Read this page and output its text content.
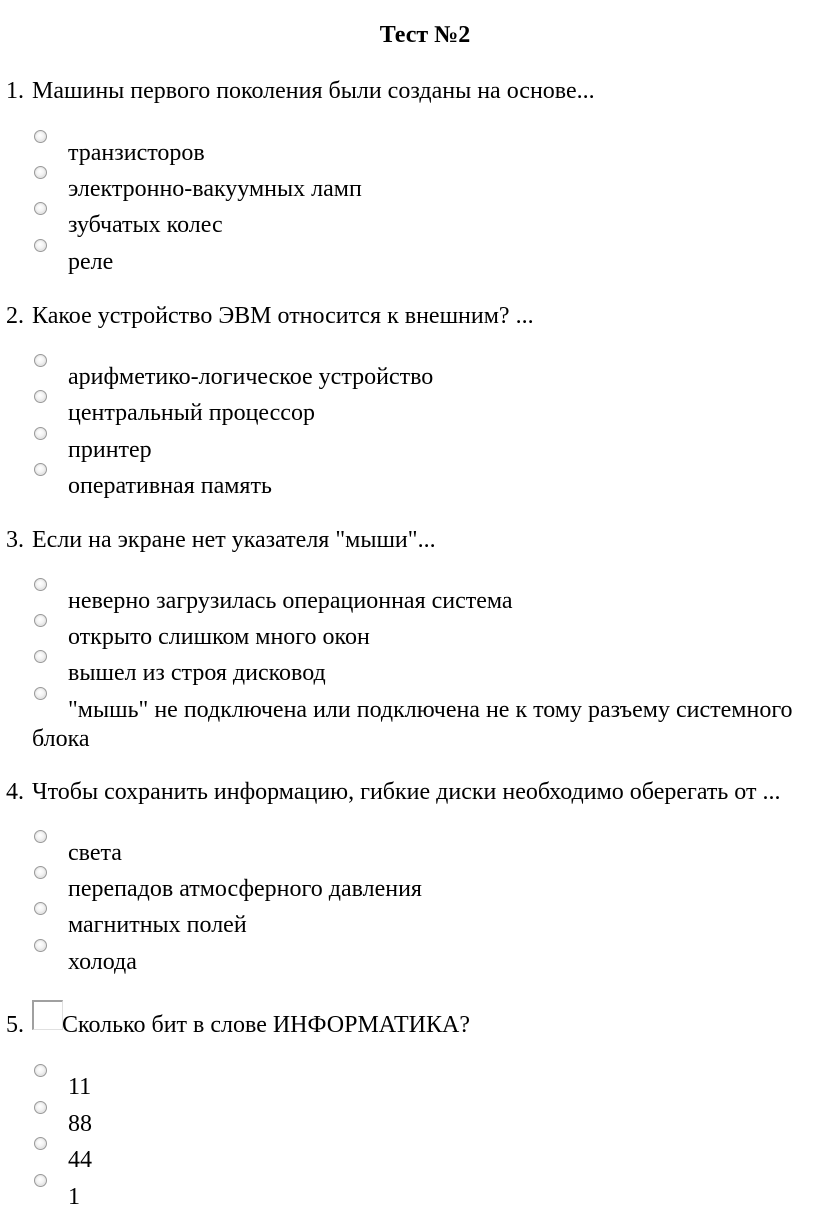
Тест №2
1. Машины первого поколения были созданы на основе...
транзисторов
электронно-вакуумных ламп
зубчатых колес
реле
2. Какое устройство ЭВМ относится к внешним? ...
арифметико-логическое устройство
центральный процессор
принтер
оперативная память
3. Если на экране нет указателя "мыши"...
неверно загрузилась операционная система
открыто слишком много окон
вышел из строя дисковод
"мышь" не подключена или подключена не к тому разъему системного
блока
4. Чтобы сохранить информацию, гибкие диски необходимо оберегать от ...
света
перепадов атмосферного давления
магнитных полей
холода
5. Сколько бит в слове ИНФОРМАТИКА?
11
88
44
1
